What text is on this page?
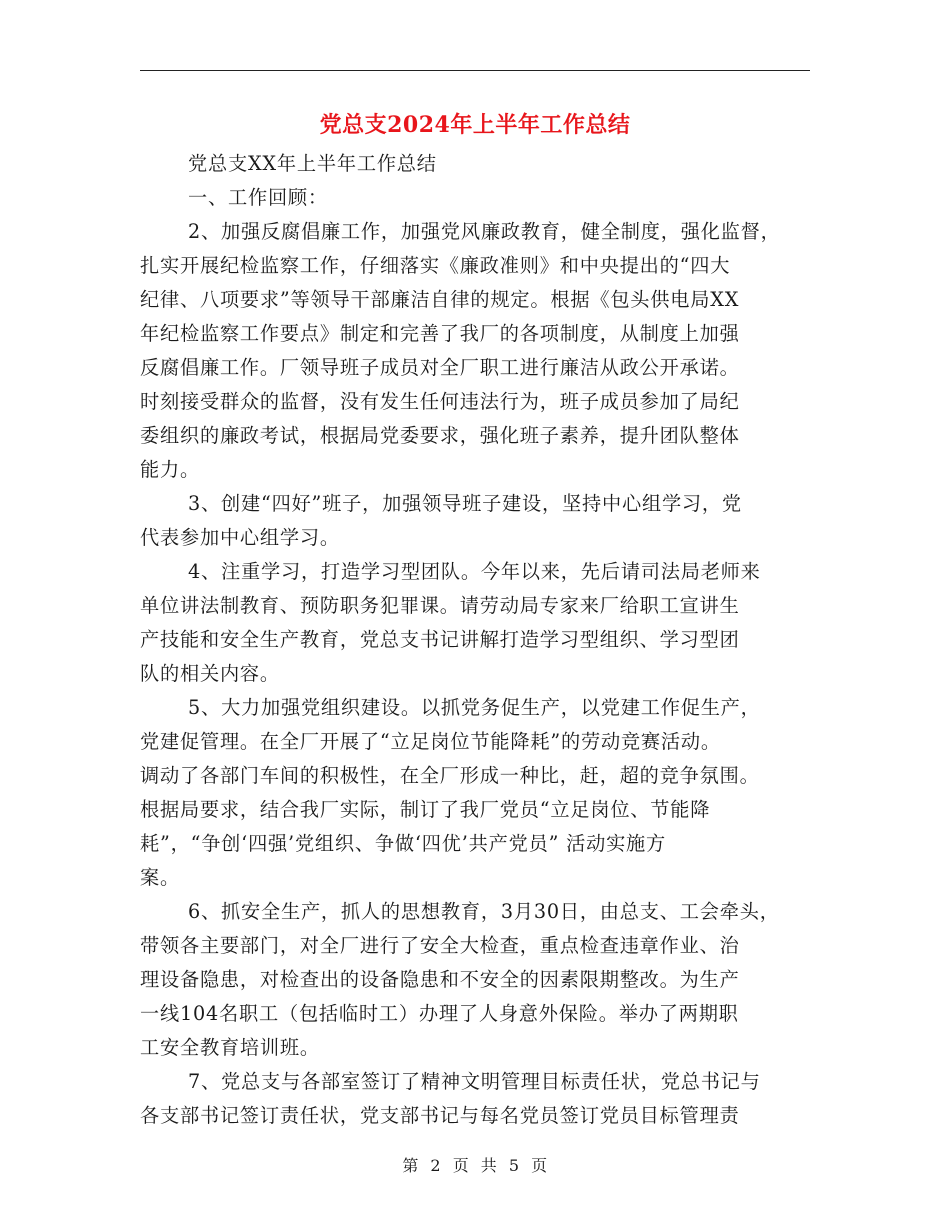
党总支2024年上半年工作总结
党总支XX年上半年工作总结
一、工作回顾：
2、加强反腐倡廉工作，加强党风廉政教育，健全制度，强化监督，
扎实开展纪检监察工作，仔细落实《廉政准则》和中央提出的“四大
纪律、八项要求”等领导干部廉洁自律的规定。根据《包头供电局XX
年纪检监察工作要点》制定和完善了我厂的各项制度，从制度上加强
反腐倡廉工作。厂领导班子成员对全厂职工进行廉洁从政公开承诺。
时刻接受群众的监督，没有发生任何违法行为，班子成员参加了局纪
委组织的廉政考试，根据局党委要求，强化班子素养，提升团队整体
能力。
3、创建“四好”班子，加强领导班子建设，坚持中心组学习，党
代表参加中心组学习。
4、注重学习，打造学习型团队。今年以来，先后请司法局老师来
单位讲法制教育、预防职务犯罪课。请劳动局专家来厂给职工宣讲生
产技能和安全生产教育，党总支书记讲解打造学习型组织、学习型团
队的相关内容。
5、大力加强党组织建设。以抓党务促生产，以党建工作促生产，
党建促管理。在全厂开展了“立足岗位节能降耗”的劳动竞赛活动。
调动了各部门车间的积极性，在全厂形成一种比，赶，超的竞争氛围。
根据局要求，结合我厂实际，制订了我厂党员“立足岗位、节能降
耗”，“争创‘四强’党组织、争做‘四优’共产党员” 活动实施方
案。
6、抓安全生产，抓人的思想教育，3月30日，由总支、工会牵头，
带领各主要部门，对全厂进行了安全大检查，重点检查违章作业、治
理设备隐患，对检查出的设备隐患和不安全的因素限期整改。为生产
一线104名职工（包括临时工）办理了人身意外保险。举办了两期职
工安全教育培训班。
7、党总支与各部室签订了精神文明管理目标责任状，党总书记与
各支部书记签订责任状，党支部书记与每名党员签订党员目标管理责
第 2 页 共 5 页
